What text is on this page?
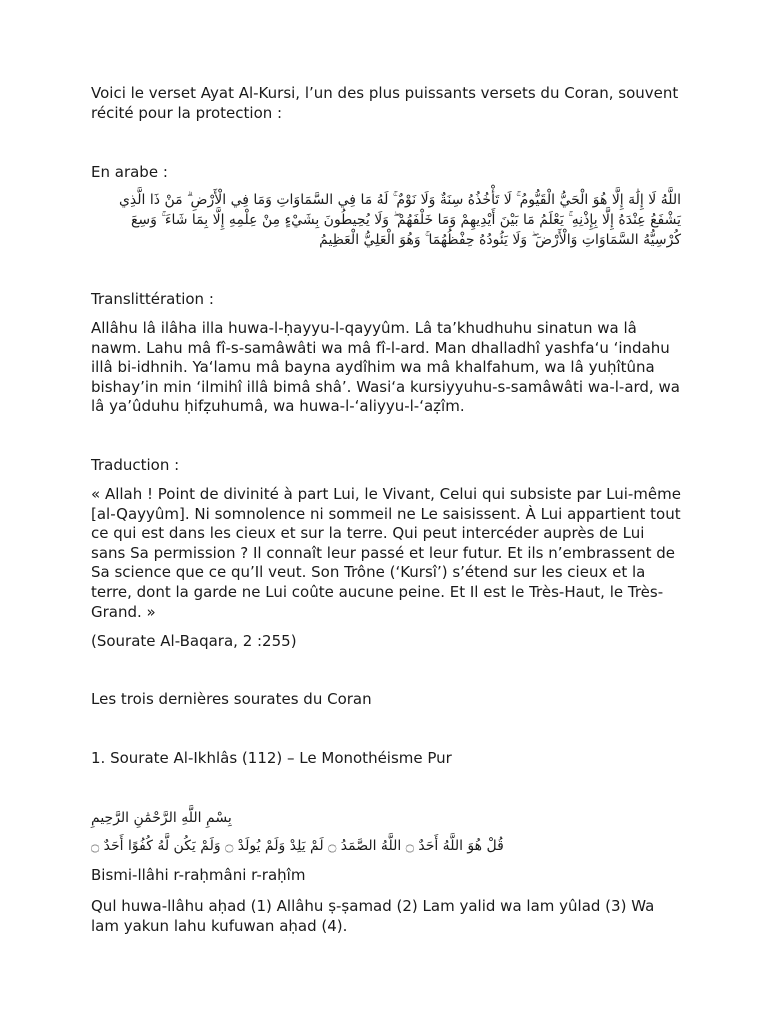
Voici le verset Ayat Al-Kursi, l’un des plus puissants versets du Coran, souvent récité pour la protection :

En arabe :

اللَّهُ لَا إِلَٰهَ إِلَّا هُوَ الْحَيُّ الْقَيُّومُ ۚ لَا تَأْخُذُهُ سِنَةٌ وَلَا نَوْمٌ ۚ لَهُ مَا فِي السَّمَاوَاتِ وَمَا فِي الْأَرْضِ ۗ مَنْ ذَا الَّذِي يَشْفَعُ عِنْدَهُ إِلَّا بِإِذْنِهِ ۚ يَعْلَمُ مَا بَيْنَ أَيْدِيهِمْ وَمَا خَلْفَهُمْ ۖ وَلَا يُحِيطُونَ بِشَيْءٍ مِنْ عِلْمِهِ إِلَّا بِمَا شَاءَ ۚ وَسِعَ كُرْسِيُّهُ السَّمَاوَاتِ وَالْأَرْضَ ۖ وَلَا يَئُودُهُ حِفْظُهُمَا ۚ وَهُوَ الْعَلِيُّ الْعَظِيمُ

Translittération :

Allâhu lâ ilâha illa huwa-l-ḥayyu-l-qayyûm. Lâ ta’khudhuhu sinatun wa lâ nawm. Lahu mâ fî-s-samâwâti wa mâ fî-l-ard. Man dhalladhî yashfa‘u ‘indahu illâ bi-idhnih. Ya‘lamu mâ bayna aydîhim wa mâ khalfahum, wa lâ yuḥîtûna bishay’in min ‘ilmihî illâ bimâ shâ’. Wasi‘a kursiyyuhu-s-samâwâti wa-l-ard, wa lâ ya’ûduhu ḥifẓuhumâ, wa huwa-l-‘aliyyu-l-‘aẓîm.

Traduction :

« Allah ! Point de divinité à part Lui, le Vivant, Celui qui subsiste par Lui-même [al-Qayyûm]. Ni somnolence ni sommeil ne Le saisissent. À Lui appartient tout ce qui est dans les cieux et sur la terre. Qui peut intercéder auprès de Lui sans Sa permission ? Il connaît leur passé et leur futur. Et ils n’embrassent de Sa science que ce qu’Il veut. Son Trône (‘Kursî’) s’étend sur les cieux et la terre, dont la garde ne Lui coûte aucune peine. Et Il est le Très-Haut, le Très-Grand. »

(Sourate Al-Baqara, 2 :255)

Les trois dernières sourates du Coran

1. Sourate Al-Ikhlâs (112) – Le Monothéisme Pur

بِسْمِ اللَّهِ الرَّحْمَٰنِ الرَّحِيمِ

قُلْ هُوَ اللَّهُ أَحَدٌ ۝ اللَّهُ الصَّمَدُ ۝ لَمْ يَلِدْ وَلَمْ يُولَدْ ۝ وَلَمْ يَكُن لَّهُ كُفُوًا أَحَدٌ ۝

Bismi-llâhi r-raḥmâni r-raḥîm

Qul huwa-llâhu aḥad (1) Allâhu ṣ-ṣamad (2) Lam yalid wa lam yûlad (3) Wa lam yakun lahu kufuwan aḥad (4).
